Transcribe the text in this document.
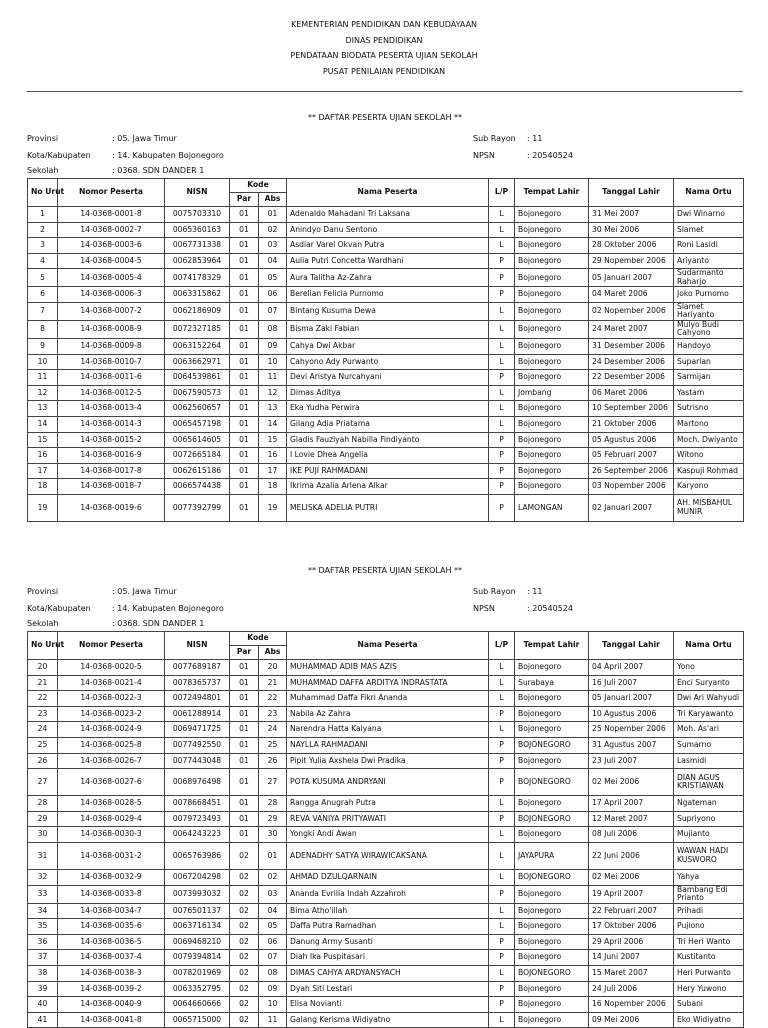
KEMENTERIAN PENDIDIKAN DAN KEBUDAYAAN
DINAS PENDIDIKAN
PENDATAAN BIODATA PESERTA UJIAN SEKOLAH
PUSAT PENILAIAN PENDIDIKAN
** DAFTAR PESERTA UJIAN SEKOLAH **
Provinsi	: 05. Jawa Timur	Sub Rayon : 11
Kota/Kabupaten	: 14. Kabupaten Bojonegoro	NPSN	: 20540524
Sekolah	: 0368. SDN DANDER 1
No Urut	Nomor Peserta	NISN	Kode		Nama Peserta	L/P	Tempat Lahir	Tanggal Lahir	Nama Ortu
			Par	Abs					
1	14-0368-0001-8	0075703310	01	01	Adenaldo Mahadani Tri Laksana	L	Bojonegoro	31 Mei 2007	Dwi Winarno
2	14-0368-0002-7	0065360163	01	02	Anindyo Danu Sentono	L	Bojonegoro	30 Mei 2006	Slamet
3	14-0368-0003-6	0067731338	01	03	Asdiar Varel Okvan Putra	L	Bojonegoro	28 Oktober 2006	Roni Lasidi
4	14-0368-0004-5	0062853964	01	04	Aulia Putri Concetta Wardhani	P	Bojonegoro	29 Nopember 2006	Ariyanto
5	14-0368-0005-4	0074178329	01	05	Aura Talitha Az-Zahra	P	Bojonegoro	05 Januari 2007	Sudarmanto Raharjo
6	14-0368-0006-3	0063315862	01	06	Berelian Felicia Purnomo	P	Bojonegoro	04 Maret 2006	Joko Purnomo
7	14-0368-0007-2	0062186909	01	07	Bintang Kusuma Dewa	L	Bojonegoro	02 Nopember 2006	Slamet Hariyanto
8	14-0368-0008-9	0072327185	01	08	Bisma Zaki Fabian	L	Bojonegoro	24 Maret 2007	Mulyo Budi Cahyono
9	14-0368-0009-8	0063152264	01	09	Cahya Dwi Akbar	L	Bojonegoro	31 Desember 2006	Handoyo
10	14-0368-0010-7	0063662971	01	10	Cahyono Ady Purwanto	L	Bojonegoro	24 Desember 2006	Suparlan
11	14-0368-0011-6	0064539861	01	11	Devi Aristya Nurcahyani	P	Bojonegoro	22 Desember 2006	Sarmijan
12	14-0368-0012-5	0067590573	01	12	Dimas Aditya	L	Jombang	06 Maret 2006	Yastam
13	14-0368-0013-4	0062560657	01	13	Eka Yudha Perwira	L	Bojonegoro	10 September 2006	Sutrisno
14	14-0368-0014-3	0065457198	01	14	Gilang Adia Priatama	L	Bojonegoro	21 Oktober 2006	Martono
15	14-0368-0015-2	0065614605	01	15	Gladis Fauziyah Nabilla Findiyanto	P	Bojonegoro	05 Agustus 2006	Moch. Dwiyanto
16	14-0368-0016-9	0072665184	01	16	I Lovie Dhea Angelia	P	Bojonegoro	05 Februari 2007	Witono
17	14-0368-0017-8	0062615186	01	17	IKE PUJI RAHMADANI	P	Bojonegoro	26 September 2006	Kaspuji Rohmad
18	14-0368-0018-7	0066574438	01	18	Ikrima Azalia Arlena Alkar	P	Bojonegoro	03 Nopember 2006	Karyono
19	14-0368-0019-6	0077392799	01	19	MELISKA ADELIA PUTRI	P	LAMONGAN	02 Januari 2007	AH. MISBAHUL MUNIR
** DAFTAR PESERTA UJIAN SEKOLAH **
Provinsi	: 05. Jawa Timur	Sub Rayon : 11
Kota/Kabupaten	: 14. Kabupaten Bojonegoro	NPSN	: 20540524
Sekolah	: 0368. SDN DANDER 1
No Urut	Nomor Peserta	NISN	Kode		Nama Peserta	L/P	Tempat Lahir	Tanggal Lahir	Nama Ortu
			Par	Abs					
20	14-0368-0020-5	0077689187	01	20	MUHAMMAD ADIB MAS AZIS	L	Bojonegoro	04 April 2007	Yono
21	14-0368-0021-4	0078365737	01	21	MUHAMMAD DAFFA ARDITYA INDRASTATA	L	Surabaya	16 Juli 2007	Enci Suryanto
22	14-0368-0022-3	0072494801	01	22	Muhammad Daffa Fikri Ananda	L	Bojonegoro	05 Januari 2007	Dwi Ari Wahyudi
23	14-0368-0023-2	0061288914	01	23	Nabila Az Zahra	P	Bojonegoro	10 Agustus 2006	Tri Karyawanto
24	14-0368-0024-9	0069471725	01	24	Narendra Hatta Kalyana	L	Bojonegoro	25 Nopember 2006	Moh. As'ari
25	14-0368-0025-8	0077492550	01	25	NAYLLA RAHMADANI	P	BOJONEGORO	31 Agustus 2007	Sumarno
26	14-0368-0026-7	0077443048	01	26	Pipit Yulia Axshela Dwi Pradika	P	Bojonegoro	23 Juli 2007	Lasmidi
27	14-0368-0027-6	0068976498	01	27	POTA KUSUMA ANDRYANI	P	BOJONEGORO	02 Mei 2006	DIAN AGUS KRISTIAWAN
28	14-0368-0028-5	0078668451	01	28	Rangga Anugrah Putra	L	Bojonegoro	17 April 2007	Ngateman
29	14-0368-0029-4	0079723493	01	29	REVA VANIYA PRITYAWATI	P	BOJONEGORO	12 Maret 2007	Supriyono
30	14-0368-0030-3	0064243223	01	30	Yongki Andi Awan	L	Bojonegoro	08 Juli 2006	Mujianto
31	14-0368-0031-2	0065763986	02	01	ADENADHY SATYA WIRAWICAKSANA	L	JAYAPURA	22 Juni 2006	WAWAN HADI KUSWORO
32	14-0368-0032-9	0067204298	02	02	AHMAD DZULQARNAIN	L	BOJONEGORO	02 Mei 2006	Yahya
33	14-0368-0033-8	0073993032	02	03	Ananda Evrilia Indah Azzahroh	P	Bojonegoro	19 April 2007	Bambang Edi Prianto
34	14-0368-0034-7	0076501137	02	04	Bima Atho'illah	L	Bojonegoro	22 Februari 2007	Prihadi
35	14-0368-0035-6	0063716134	02	05	Daffa Putra Ramadhan	L	Bojonegoro	17 Oktober 2006	Pujiono
36	14-0368-0036-5	0069468210	02	06	Danung Army Susanti	P	Bojonegoro	29 April 2006	Tri Heri Wanto
37	14-0368-0037-4	0079394814	02	07	Diah Ika Puspitasari	P	Bojonegoro	14 Juni 2007	Kustitanto
38	14-0368-0038-3	0078201969	02	08	DIMAS CAHYA ARDYANSYACH	L	BOJONEGORO	15 Maret 2007	Heri Purwanto
39	14-0368-0039-2	0063352795	02	09	Dyah Siti Lestari	P	Bojonegoro	24 Juli 2006	Hery Yuwono
40	14-0368-0040-9	0064660666	02	10	Elisa Novianti	P	Bojonegoro	16 Nopember 2006	Subani
41	14-0368-0041-8	0065715000	02	11	Galang Kerisma Widiyatno	L	Bojonegoro	09 Mei 2006	Eko Widiyatno
